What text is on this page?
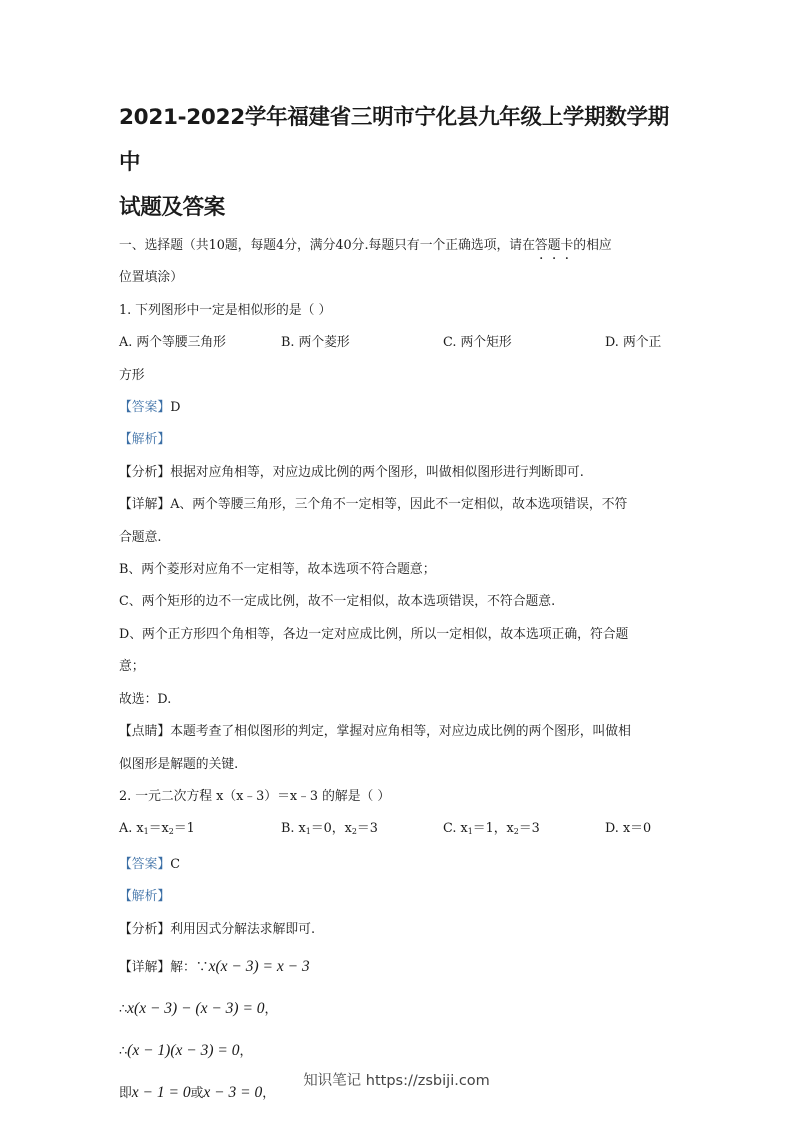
2021-2022学年福建省三明市宁化县九年级上学期数学期中
试题及答案
一、选择题（共10题，每题4分，满分40分.每题只有一个正确选项，请在答题卡的相应
位置填涂）
1. 下列图形中一定是相似形的是（ ）
A. 两个等腰三角形	B. 两个菱形	C. 两个矩形	D. 两个正
方形
【答案】D
【解析】
【分析】根据对应角相等，对应边成比例的两个图形，叫做相似图形进行判断即可.
【详解】A、两个等腰三角形，三个角不一定相等，因此不一定相似，故本选项错误，不符
合题意.
B、两个菱形对应角不一定相等，故本选项不符合题意；
C、两个矩形的边不一定成比例，故不一定相似，故本选项错误，不符合题意.
D、两个正方形四个角相等，各边一定对应成比例，所以一定相似，故本选项正确，符合题
意；
故选：D.
【点睛】本题考查了相似图形的判定，掌握对应角相等，对应边成比例的两个图形，叫做相
似图形是解题的关键.
2. 一元二次方程 x（x﹣3）＝x﹣3 的解是（ ）
A. $x_1=x_2=1$	B. $x_1=0$，$x_2=3$	C. $x_1=1$，$x_2=3$	D. x＝0
【答案】C
【解析】
【分析】利用因式分解法求解即可.
【详解】解：∵x(x − 3) = x − 3
∴x(x − 3) − (x − 3) = 0，
∴(x − 1)(x − 3) = 0，
即x − 1 = 0或x − 3 = 0，
知识笔记 https://zsbiji.com
